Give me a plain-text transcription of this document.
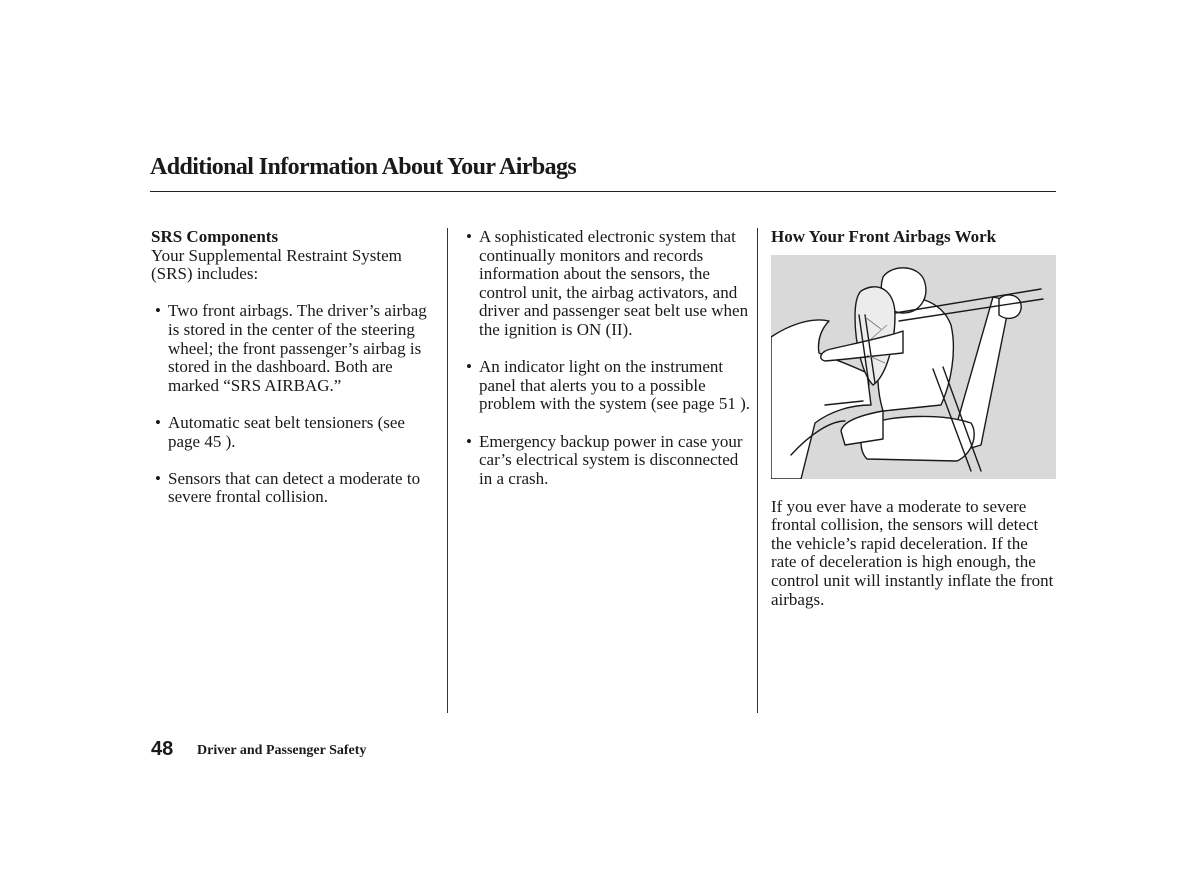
Additional Information About Your Airbags

SRS Components

Your Supplemental Restraint System (SRS) includes:

• Two front airbags. The driver’s airbag is stored in the center of the steering wheel; the front passenger’s airbag is stored in the dashboard. Both are marked “SRS AIRBAG.”
• Automatic seat belt tensioners (see page 45 ).
• Sensors that can detect a moderate to severe frontal collision.
• A sophisticated electronic system that continually monitors and records information about the sensors, the control unit, the airbag activators, and driver and passenger seat belt use when the ignition is ON (II).
• An indicator light on the instrument panel that alerts you to a possible problem with the system (see page 51 ).
• Emergency backup power in case your car’s electrical system is disconnected in a crash.

How Your Front Airbags Work

If you ever have a moderate to severe frontal collision, the sensors will detect the vehicle’s rapid deceleration. If the rate of deceleration is high enough, the control unit will instantly inflate the front airbags.

48 Driver and Passenger Safety
